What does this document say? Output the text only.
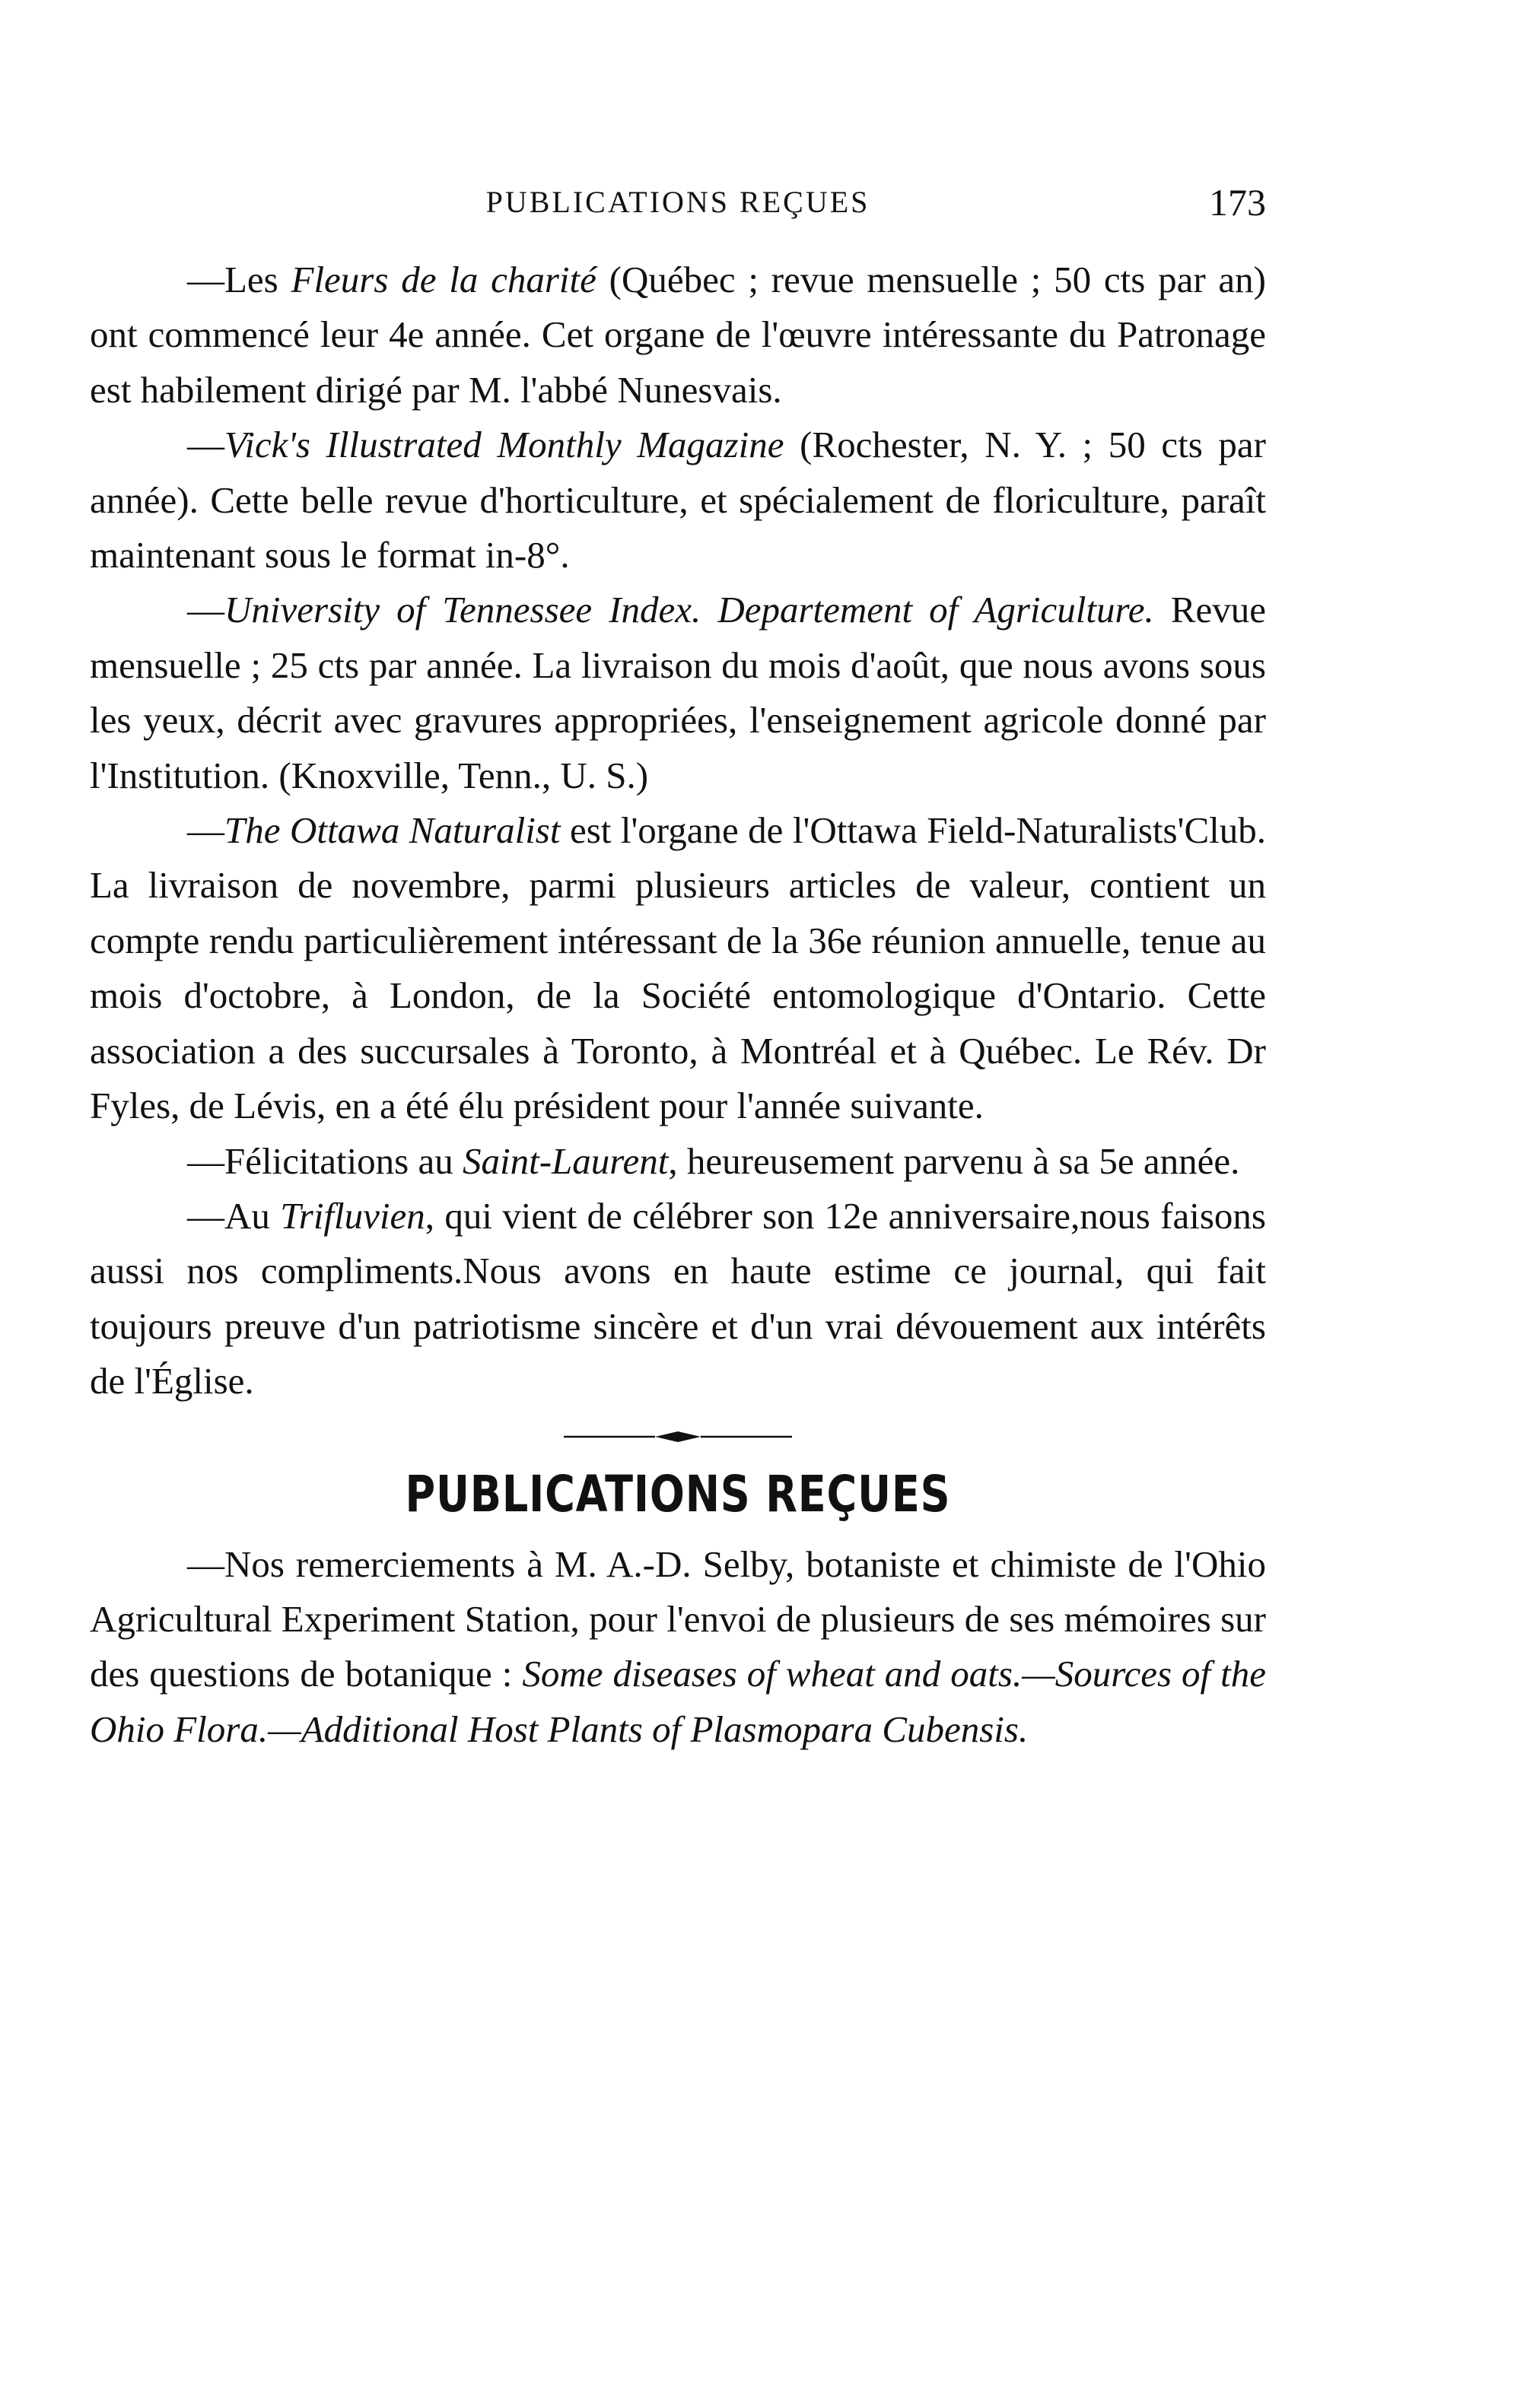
PUBLICATIONS REÇUES	173

—Les Fleurs de la charité (Québec ; revue mensuelle ; 50 cts par an) ont commencé leur 4e année. Cet organe de l'œuvre intéressante du Patronage est habilement dirigé par M. l'abbé Nunesvais.

—Vick's Illustrated Monthly Magazine (Rochester, N. Y. ; 50 cts par année). Cette belle revue d'horticulture, et spécialement de floriculture, paraît maintenant sous le format in-8°.

—University of Tennessee Index. Departement of Agriculture. Revue mensuelle ; 25 cts par année. La livraison du mois d'août, que nous avons sous les yeux, décrit avec gravures appropriées, l'enseignement agricole donné par l'Institution. (Knoxville, Tenn., U. S.)

—The Ottawa Naturalist est l'organe de l'Ottawa Field-Naturalists'Club. La livraison de novembre, parmi plusieurs articles de valeur, contient un compte rendu particulièrement intéressant de la 36e réunion annuelle, tenue au mois d'octobre, à London, de la Société entomologique d'Ontario. Cette association a des succursales à Toronto, à Montréal et à Québec. Le Rév. Dr Fyles, de Lévis, en a été élu président pour l'année suivante.

—Félicitations au Saint-Laurent, heureusement parvenu à sa 5e année.

—Au Trifluvien, qui vient de célébrer son 12e anniversaire,nous faisons aussi nos compliments.Nous avons en haute estime ce journal, qui fait toujours preuve d'un patriotisme sincère et d'un vrai dévouement aux intérêts de l'Église.

PUBLICATIONS REÇUES

—Nos remerciements à M. A.-D. Selby, botaniste et chimiste de l'Ohio Agricultural Experiment Station, pour l'envoi de plusieurs de ses mémoires sur des questions de botanique : Some diseases of wheat and oats.—Sources of the Ohio Flora.—Additional Host Plants of Plasmopara Cubensis.
